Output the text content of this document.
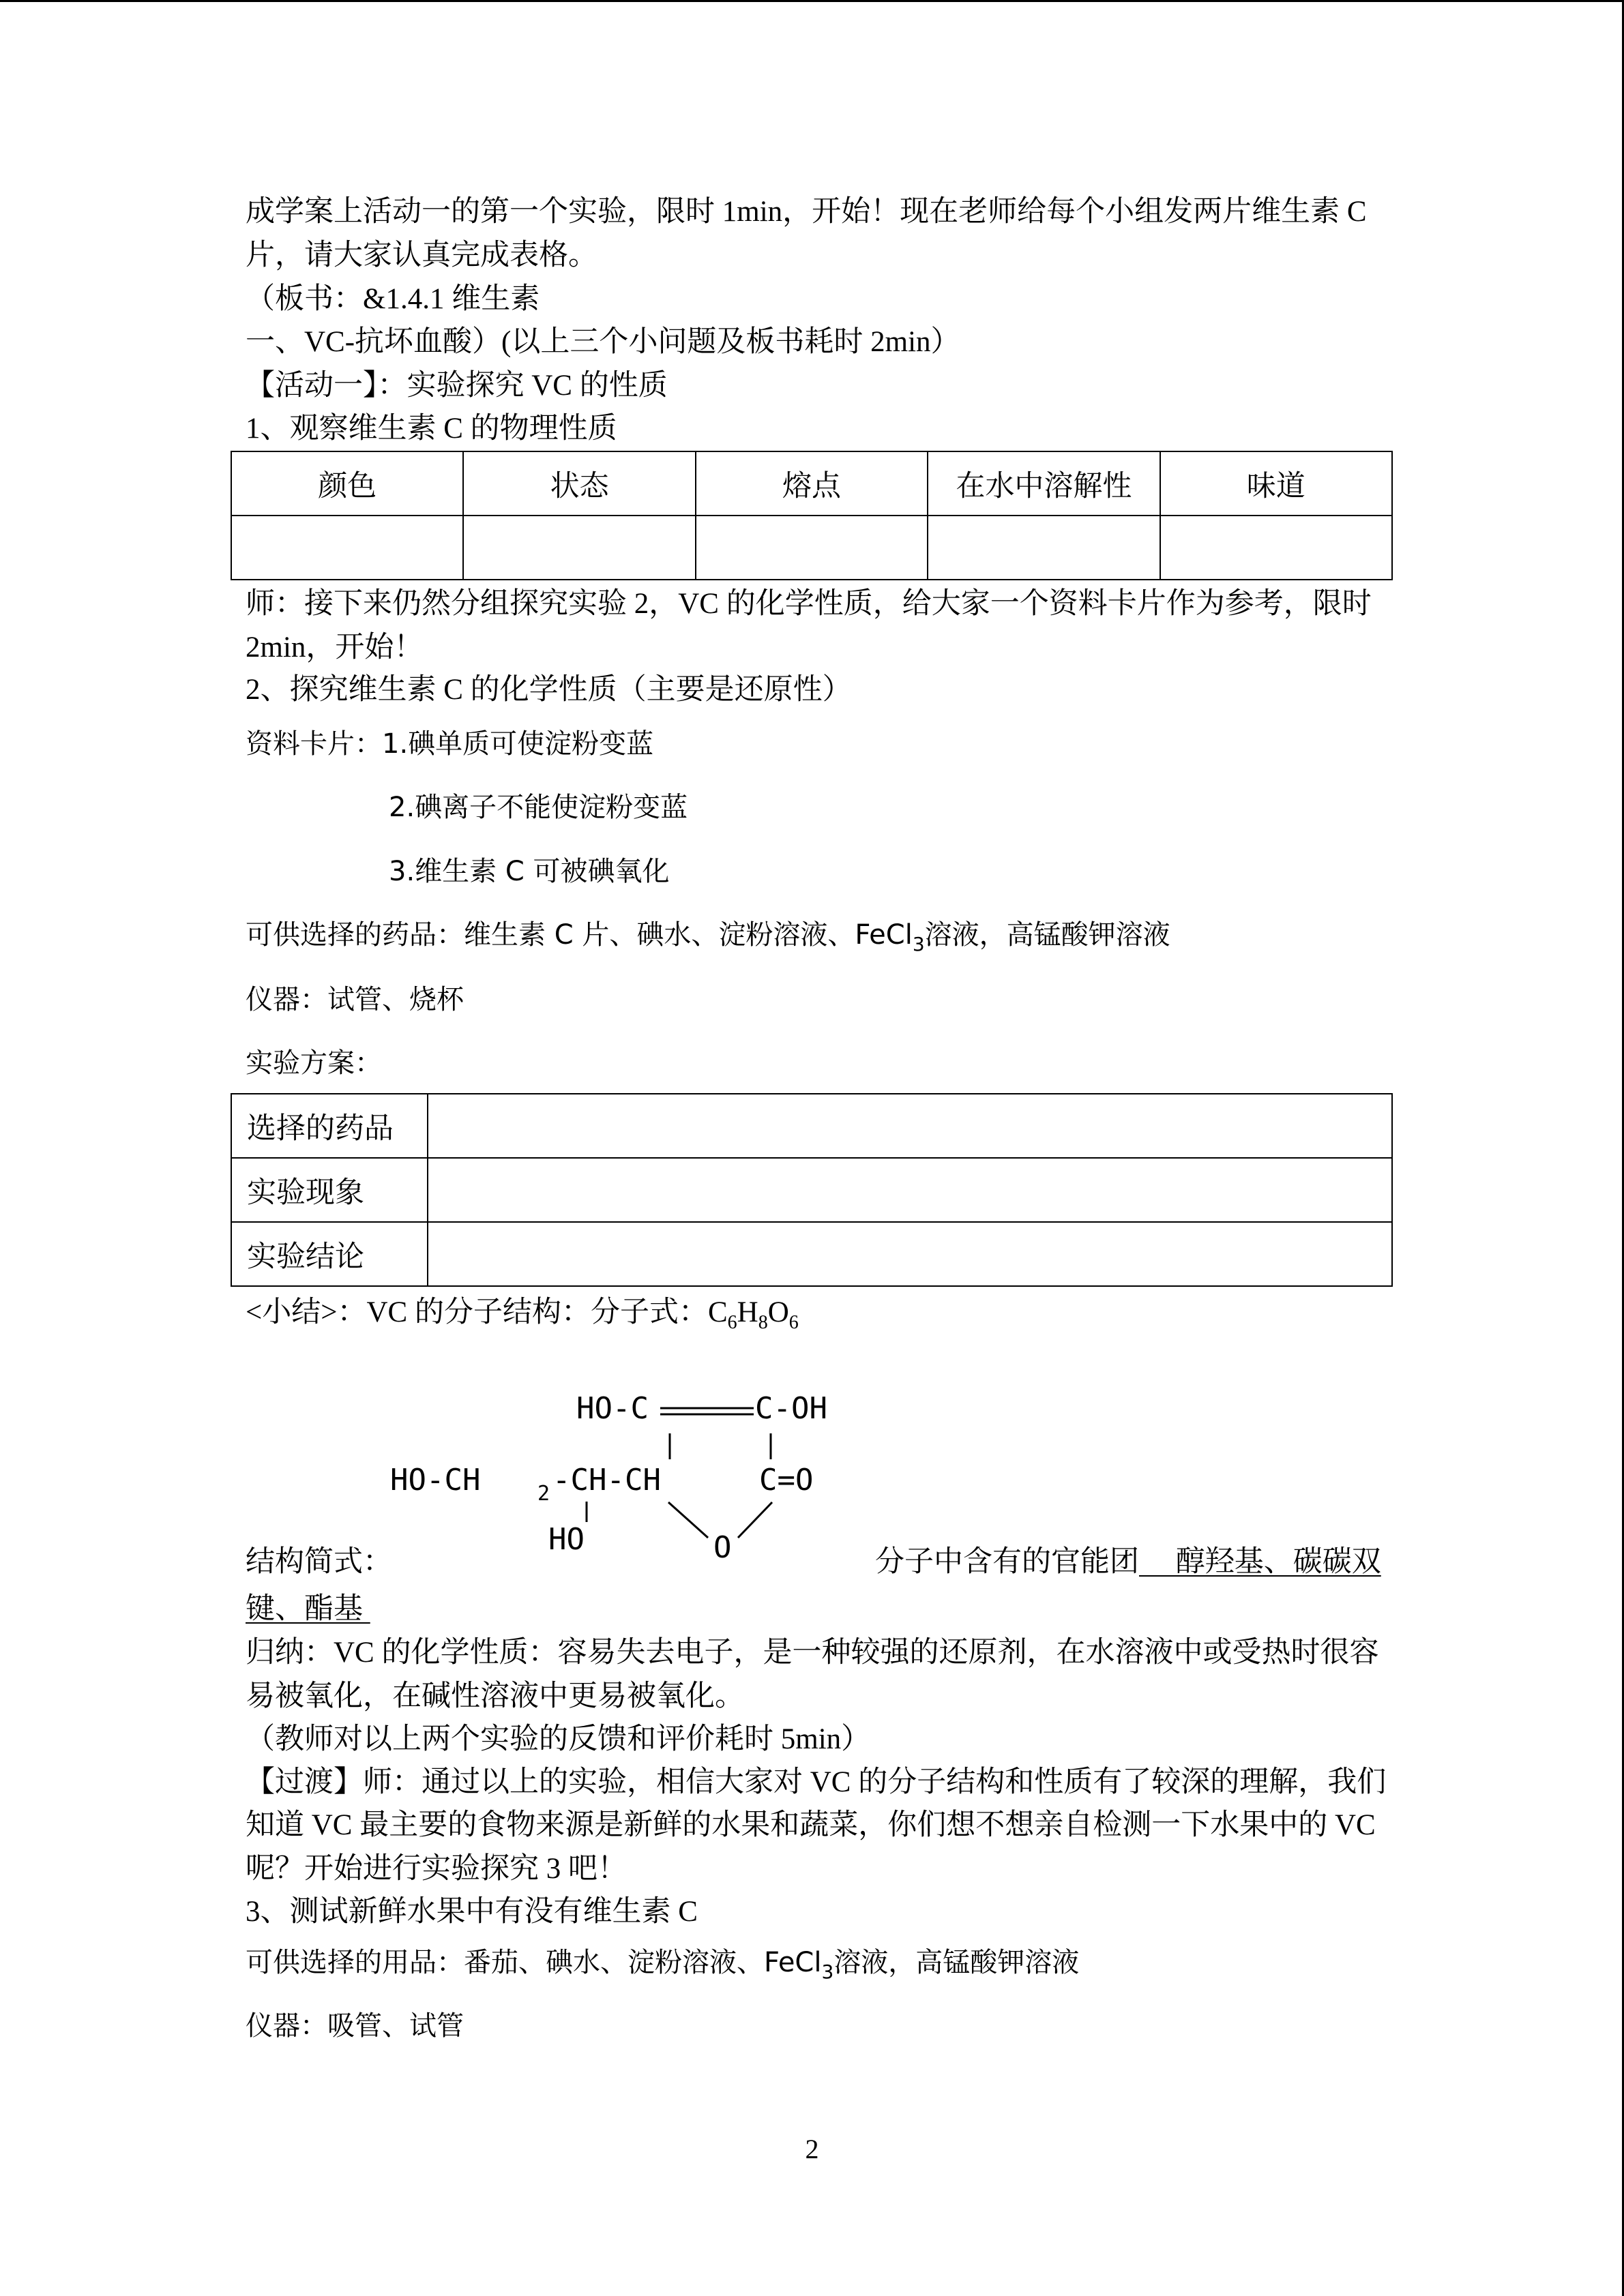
成学案上活动一的第一个实验，限时 1min，开始！现在老师给每个小组发两片维生素 C
片，请大家认真完成表格。
（板书：&1.4.1 维生素
一、VC-抗坏血酸）(以上三个小问题及板书耗时 2min）
【活动一】：实验探究 VC 的性质
1、观察维生素 C 的物理性质
颜色	状态	熔点	在水中溶解性	味道

师：接下来仍然分组探究实验 2，VC 的化学性质，给大家一个资料卡片作为参考，限时
2min，开始！
2、探究维生素 C 的化学性质（主要是还原性）
资料卡片：1.碘单质可使淀粉变蓝
2.碘离子不能使淀粉变蓝
3.维生素 C 可被碘氧化
可供选择的药品：维生素 C 片、碘水、淀粉溶液、FeCl$_3$溶液，高锰酸钾溶液
仪器：试管、烧杯
实验方案：
选择的药品	
实验现象	
实验结论	
<小结>：VC 的分子结构：分子式：$C_6H_8O_6$
HO-C	C-OH
HO-CH	2 -CH-CH	C=O
HO	O
结构简式：	分子中含有的官能团     醇羟基、碳碳双
键、酯基
归纳：VC 的化学性质：容易失去电子，是一种较强的还原剂，在水溶液中或受热时很容
易被氧化，在碱性溶液中更易被氧化。
（教师对以上两个实验的反馈和评价耗时 5min）
【过渡】师：通过以上的实验，相信大家对 VC 的分子结构和性质有了较深的理解，我们
知道 VC 最主要的食物来源是新鲜的水果和蔬菜，你们想不想亲自检测一下水果中的 VC
呢？开始进行实验探究 3 吧！
3、测试新鲜水果中有没有维生素 C
可供选择的用品：番茄、碘水、淀粉溶液、FeCl$_3$溶液，高锰酸钾溶液
仪器：吸管、试管
2
